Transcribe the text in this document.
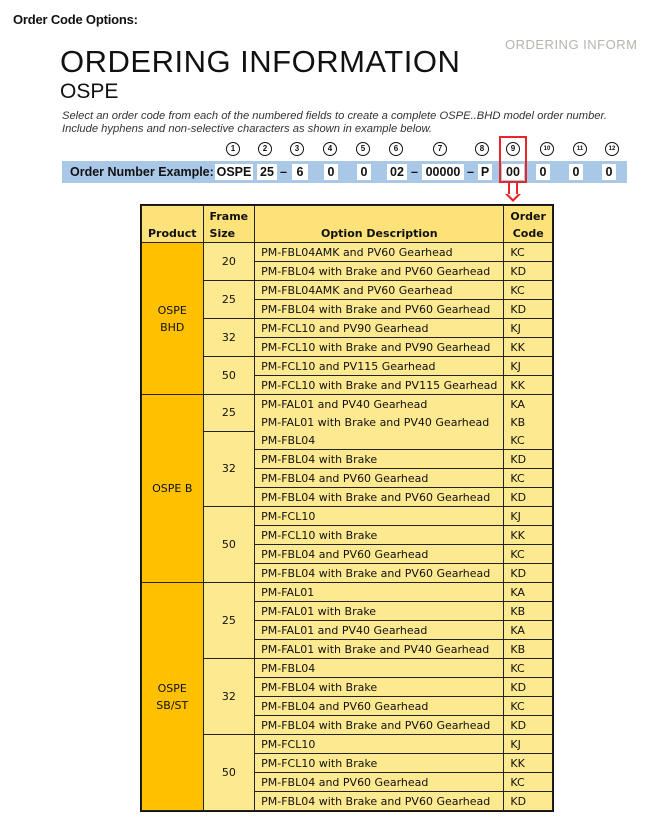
Order Code Options:
ORDERING INFORM
ORDERING INFORMATION
OSPE
Select an order code from each of the numbered fields to create a complete OSPE..BHD model order number.
Include hyphens and non-selective characters as shown in example below.
1	2	3	4	5	6	7	8	9	10	11	12
Order Number Example: OSPE 25 – 6	0 0 02 – 00000 – P	00	0 0 0
Product	Frame
Size	Option Description	Order
Code

OSPE
BHD	20	PM-FBL04AMK and PV60 Gearhead	KC
		PM-FBL04 with Brake and PV60 Gearhead	KD
	25	PM-FBL04AMK and PV60 Gearhead	KC
		PM-FBL04 with Brake and PV60 Gearhead	KD
	32	PM-FCL10 and PV90 Gearhead	KJ
		PM-FCL10 with Brake and PV90 Gearhead	KK
	50	PM-FCL10 and PV115 Gearhead	KJ
		PM-FCL10 with Brake and PV115 Gearhead	KK

OSPE B	25	PM-FAL01 and PV40 Gearhead	KA
		PM-FAL01 with Brake and PV40 Gearhead	KB
	32	PM-FBL04	KC
		PM-FBL04 with Brake	KD
		PM-FBL04 and PV60 Gearhead	KC
		PM-FBL04 with Brake and PV60 Gearhead	KD
	50	PM-FCL10	KJ
		PM-FCL10 with Brake	KK
		PM-FBL04 and PV60 Gearhead	KC
		PM-FBL04 with Brake and PV60 Gearhead	KD

OSPE
SB/ST	25	PM-FAL01	KA
		PM-FAL01 with Brake	KB
		PM-FAL01 and PV40 Gearhead	KA
		PM-FAL01 with Brake and PV40 Gearhead	KB
	32	PM-FBL04	KC
		PM-FBL04 with Brake	KD
		PM-FBL04 and PV60 Gearhead	KC
		PM-FBL04 with Brake and PV60 Gearhead	KD
	50	PM-FCL10	KJ
		PM-FCL10 with Brake	KK
		PM-FBL04 and PV60 Gearhead	KC
		PM-FBL04 with Brake and PV60 Gearhead	KD
